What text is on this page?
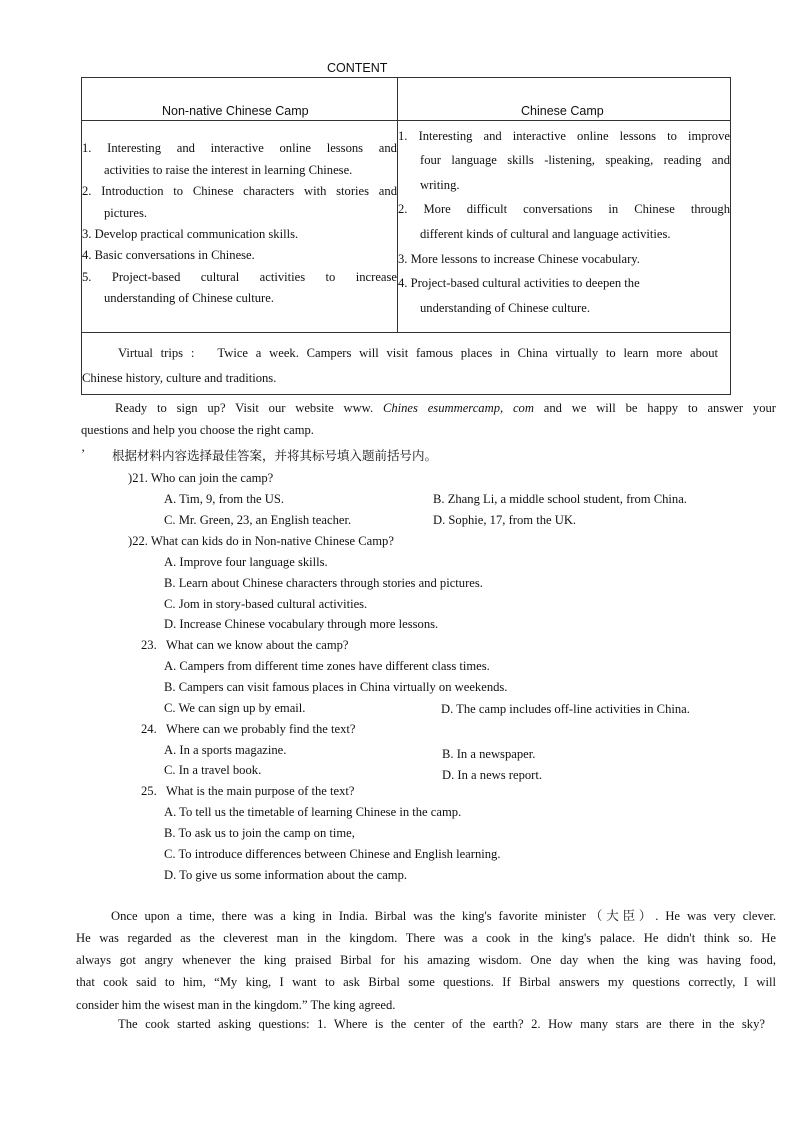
CONTENT
Non-native Chinese Camp	Chinese Camp
1. Interesting and interactive online lessons and
activities to raise the interest in learning Chinese.
2. Introduction to Chinese characters with stories and
pictures.
3. Develop practical communication skills.
4. Basic conversations in Chinese.
5. Project-based cultural activities to increase
understanding of Chinese culture.
1. Interesting and interactive online lessons to improve
four language skills -listening, speaking, reading and
writing.
2. More difficult conversations in Chinese through
different kinds of cultural and language activities.
3. More lessons to increase Chinese vocabulary.
4. Project-based cultural activities to deepen the
understanding of Chinese culture.
Virtual trips : Twice a week. Campers will visit famous places in China virtually to learn more about
Chinese history, culture and traditions.
Ready to sign up? Visit our website www. Chines esummercamp, com and we will be happy to answer your
questions and help you choose the right camp.
’ 根据材料内容选择最佳答案，并将其标号填入题前括号内。
)21. Who can join the camp?
A. Tim, 9, from the US.	B. Zhang Li, a middle school student, from China.
C. Mr. Green, 23, an English teacher.	D. Sophie, 17, from the UK.
)22. What can kids do in Non-native Chinese Camp?
A. Improve four language skills.
B. Learn about Chinese characters through stories and pictures.
C. Jom in story-based cultural activities.
D. Increase Chinese vocabulary through more lessons.
23. What can we know about the camp?
A. Campers from different time zones have different class times.
B. Campers can visit famous places in China virtually on weekends.
C. We can sign up by email.	D. The camp includes off-line activities in China.
24. Where can we probably find the text?
A. In a sports magazine.	B. In a newspaper.
C. In a travel book.	D. In a news report.
25. What is the main purpose of the text?
A. To tell us the timetable of learning Chinese in the camp.
B. To ask us to join the camp on time,
C. To introduce differences between Chinese and English learning.
D. To give us some information about the camp.
Once upon a time, there was a king in India. Birbal was the king's favorite minister（大臣）. He was very clever.
He was regarded as the cleverest man in the kingdom. There was a cook in the king's palace. He didn't think so. He
always got angry whenever the king praised Birbal for his amazing wisdom. One day when the king was having food,
that cook said to him, “My king, I want to ask Birbal some questions. If Birbal answers my questions correctly, I will
consider him the wisest man in the kingdom.” The king agreed.
The cook started asking questions: 1. Where is the center of the earth? 2. How many stars are there in the sky?
